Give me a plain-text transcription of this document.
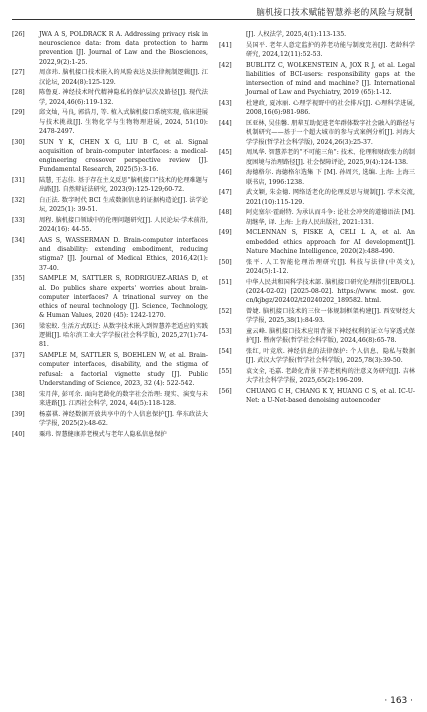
脑机接口技术赋能智慧养老的风险与规制
[26] JWA A S, POLDRACK R A. Addressing privacy risk in neuroscience data: from data protection to harm prevention [J]. Journal of Law and the Biosciences, 2022,9(2):1-25.
[27] 周彦玮. 脑机接口技术嵌入的风险表达及法律规制逻辑[J]. 江汉论坛, 2024(8):125-129.
[28] 陈鲁夏. 神经技术时代精神隐私的保护层次及路径[J]. 现代法学, 2024,46(6):119-132.
[29] 邱文灿, 马良, 郭浩月, 等. 植入式脑机接口系统实现, 临床进展与技术挑战[J]. 生物化学与生物物理进展, 2024, 51(10): 2478-2497.
[30] SUN Y K, CHEN X G, LIU B C, et al. Signal acquisition of brain-computer interfaces: a medical-engineering crossover perspective review [J]. Fundamental Research, 2025(5):3-16.
[31] 陆慧, 王志佳. 基于存在主义反思“脑机接口”技术的伦理难题与出路[J]. 自然辩证法研究, 2023(9):125-129;60-72.
[32] 白正法. 数字时代 BCI 生成数据信息的证据构造论[J]. 法学论坛, 2025(1): 39-51.
[33] 周程. 脑机接口领域中的伦理问题研究[J]. 人民论坛·学术前沿, 2024(16): 44-55.
[34] AAS S, WASSERMAN D. Brain-computer interfaces and disability: extending embodiment, reducing stigma? [J]. Journal of Medical Ethics, 2016,42(1): 37-40.
[35] SAMPLE M, SATTLER S, RODRIGUEZ-ARIAS D, et al. Do publics share experts' worries about brain-computer interfaces? A trinational survey on the ethics of neural technology [J]. Science, Technology, & Human Values, 2020 (45): 1242-1270.
[36] 梁宏蚁. 生活方式跃迁: 从数字技术嵌入到智慧养老适应的实践逻辑[J]. 哈尔滨工业大学学报(社会科学版), 2025,27(1):74-81.
[37] SAMPLE M, SATTLER S, BOEHLEN W, et al. Brain-computer interfaces, disability, and the stigma of refusal: a factorial vignette study [J]. Public Understanding of Science, 2023, 32 (4): 522-542.
[38] 宋月萍, 彭可余. 面向老龄化的数字社会治理: 现实、演变与未来进路[J]. 江西社会科学, 2024, 44(5):118-128.
[39] 杨嘉祺. 神经数据开放共享中的个人信息保护[J]. 华东政法大学学报, 2025(2):48-62.
[40] 粟玮. 智慧健康养老模式与老年人隐私信息保护
[J]. 人权法学, 2025,4(1):113-135.
[41] 吴国平. 老年人意定监护的养老功能与制度完善[J]. 老龄科学研究, 2024,12(11):52-53.
[42] BUBLITZ C, WOLKENSTEIN A, JOX R J, et al. Legal liabilities of BCI-users: responsibility gaps at the intersection of mind and machine? [J]. International Journal of Law and Psychiatry, 2019 (65):1-12.
[43] 杜建政, 夏冰丽. 心理学视野中的社会排斥[J]. 心理科学进展, 2008,16(6):981-986.
[44] 匡亚林, 吴佳馨. 朋辈互助促进老年群体数字社会融入的路径与机制研究——基于一个超大城市的参与式案例分析[J]. 河海大学学报(哲学社会科学版), 2024,26(3):25-37.
[45] 周凤华. 智慧养老的“不可能三角”: 技术、伦理和财政张力的制度困境与治理路径[J]. 社会保障评论, 2025,9(4):124-138.
[46] 海德格尔. 海德格尔选集 下 [M]. 孙周兴, 选编. 上海: 上海三联书店, 1996:1238.
[47] 武文颖, 朱金德. 网络适老化的伦理反思与规制[J]. 学术交流, 2021(10):115-129.
[48] 阿克塞尔·霍耐特. 为承认而斗争: 论社会冲突的道德语法 [M]. 胡继华, 译. 上海: 上海人民出版社, 2021:131.
[49] MCLENNAN S, FISKE A, CELI L A, et al. An embedded ethics approach for AI development[J]. Nature Machine Intelligence, 2020(2):488-490.
[50] 张平. 人工智能伦理治理研究[J]. 科技与法律(中英文), 2024(5):1-12.
[51] 中华人民共和国科学技术部. 脑机接口研究伦理指引[EB/OL]. (2024-02-02) [2025-08-02]. https://www. most. gov. cn/kjbgz/202402/t20240202_189582. html.
[52] 曾婕. 脑机接口技术的三位一体规制框架构建[J]. 西安财经大学学报, 2025,38(1):84-93.
[53] 童云峰. 脑机接口技术应用背景下神经权利的证立与穿透式保护[J]. 暨南学报(哲学社会科学版), 2024,46(8):65-78.
[54] 张红, 叶竞欣. 神经信息的法律保护: 个人信息、隐私与数据[J]. 武汉大学学报(哲学社会科学版), 2025,78(3):39-50.
[55] 袁文全, 毛嘉. 老龄化背景下养老机构的注意义务研究[J]. 吉林大学社会科学学报, 2025,65(2):196-209.
[56] CHUANG C H, CHANG K Y, HUANG C S, et al. IC-U-Net: a U-Net-based denoising autoencoder
· 163 ·
